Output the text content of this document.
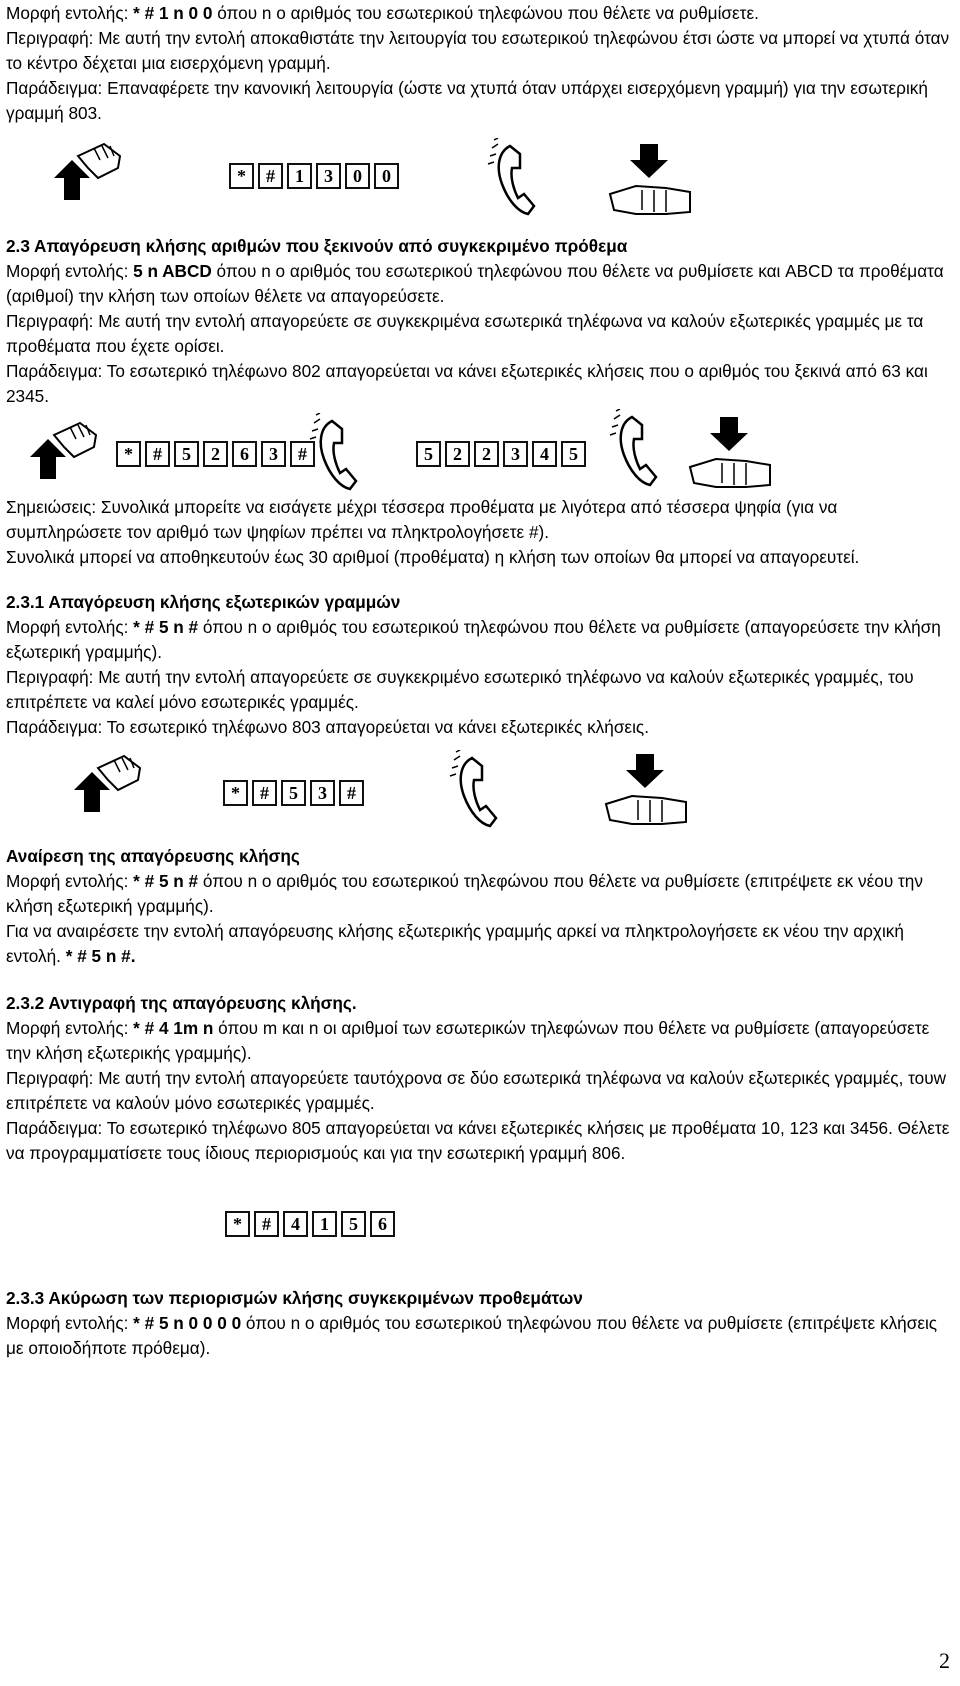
Μορφή εντολής: * # 1 n 0 0 όπου n ο αριθμός του εσωτερικού τηλεφώνου που θέλετε να ρυθμίσετε.

Περιγραφή: Με αυτή την εντολή αποκαθιστάτε την λειτουργία του εσωτερικού τηλεφώνου έτσι ώστε να μπορεί να χτυπά όταν το κέντρο δέχεται μια εισερχόμενη γραμμή.

Παράδειγμα: Επαναφέρετε την κανονική λειτουργία (ώστε να χτυπά όταν υπάρχει εισερχόμενη γραμμή) για την εσωτερική γραμμή 803.

*	#	1	3	0	0

2.3 Απαγόρευση κλήσης αριθμών που ξεκινούν από συγκεκριμένο πρόθεμα

Μορφή εντολής: 5 n ABCD όπου n ο αριθμός του εσωτερικού τηλεφώνου που θέλετε να ρυθμίσετε και ABCD τα προθέματα (αριθμοί) την κλήση των οποίων θέλετε να απαγορεύσετε.

Περιγραφή: Με αυτή την εντολή απαγορεύετε σε συγκεκριμένα εσωτερικά τηλέφωνα να καλούν εξωτερικές γραμμές με τα προθέματα που έχετε ορίσει.

Παράδειγμα: Το εσωτερικό τηλέφωνο 802 απαγορεύεται να κάνει εξωτερικές κλήσεις που ο αριθμός του ξεκινά από 63 και 2345.

*	#	5	2	6	3	#	5	2	2	3	4	5

Σημειώσεις: Συνολικά μπορείτε να εισάγετε μέχρι τέσσερα προθέματα με λιγότερα από τέσσερα ψηφία (για να συμπληρώσετε τον αριθμό των ψηφίων πρέπει να πληκτρολογήσετε #).

Συνολικά μπορεί να αποθηκευτούν έως 30 αριθμοί (προθέματα) η κλήση των οποίων θα μπορεί να απαγορευτεί.

2.3.1 Απαγόρευση κλήσης εξωτερικών γραμμών

Μορφή εντολής: * # 5 n # όπου n ο αριθμός του εσωτερικού τηλεφώνου που θέλετε να ρυθμίσετε (απαγορεύσετε την κλήση εξωτερική γραμμής).

Περιγραφή: Με αυτή την εντολή απαγορεύετε σε συγκεκριμένο εσωτερικό τηλέφωνο να καλούν εξωτερικές γραμμές, του επιτρέπετε να καλεί μόνο εσωτερικές γραμμές.

Παράδειγμα: Το εσωτερικό τηλέφωνο 803 απαγορεύεται να κάνει εξωτερικές κλήσεις.

*	#	5	3	#

Αναίρεση της απαγόρευσης κλήσης

Μορφή εντολής: * # 5 n # όπου n ο αριθμός του εσωτερικού τηλεφώνου που θέλετε να ρυθμίσετε (επιτρέψετε εκ νέου την κλήση εξωτερική γραμμής).

Για να αναιρέσετε την εντολή απαγόρευσης κλήσης εξωτερικής γραμμής αρκεί να πληκτρολογήσετε εκ νέου την αρχική εντολή. * # 5 n #.

2.3.2 Αντιγραφή της απαγόρευσης κλήσης.

Μορφή εντολής: * # 4 1m n όπου m και n οι αριθμοί των εσωτερικών τηλεφώνων που θέλετε να ρυθμίσετε (απαγορεύσετε την κλήση εξωτερικής γραμμής).

Περιγραφή: Με αυτή την εντολή απαγορεύετε ταυτόχρονα σε δύο εσωτερικά τηλέφωνα να καλούν εξωτερικές γραμμές, τουw επιτρέπετε να καλούν μόνο εσωτερικές γραμμές.

Παράδειγμα: Το εσωτερικό τηλέφωνο 805 απαγορεύεται να κάνει εξωτερικές κλήσεις με προθέματα 10, 123 και 3456. Θέλετε να προγραμματίσετε τους ίδιους περιορισμούς και για την εσωτερική γραμμή 806.

*	#	4	1	5	6

2.3.3 Ακύρωση των περιορισμών κλήσης συγκεκριμένων προθεμάτων

Μορφή εντολής: * # 5 n 0 0 0 0 όπου n ο αριθμός του εσωτερικού τηλεφώνου που θέλετε να ρυθμίσετε (επιτρέψετε κλήσεις με οποιοδήποτε πρόθεμα).

2
